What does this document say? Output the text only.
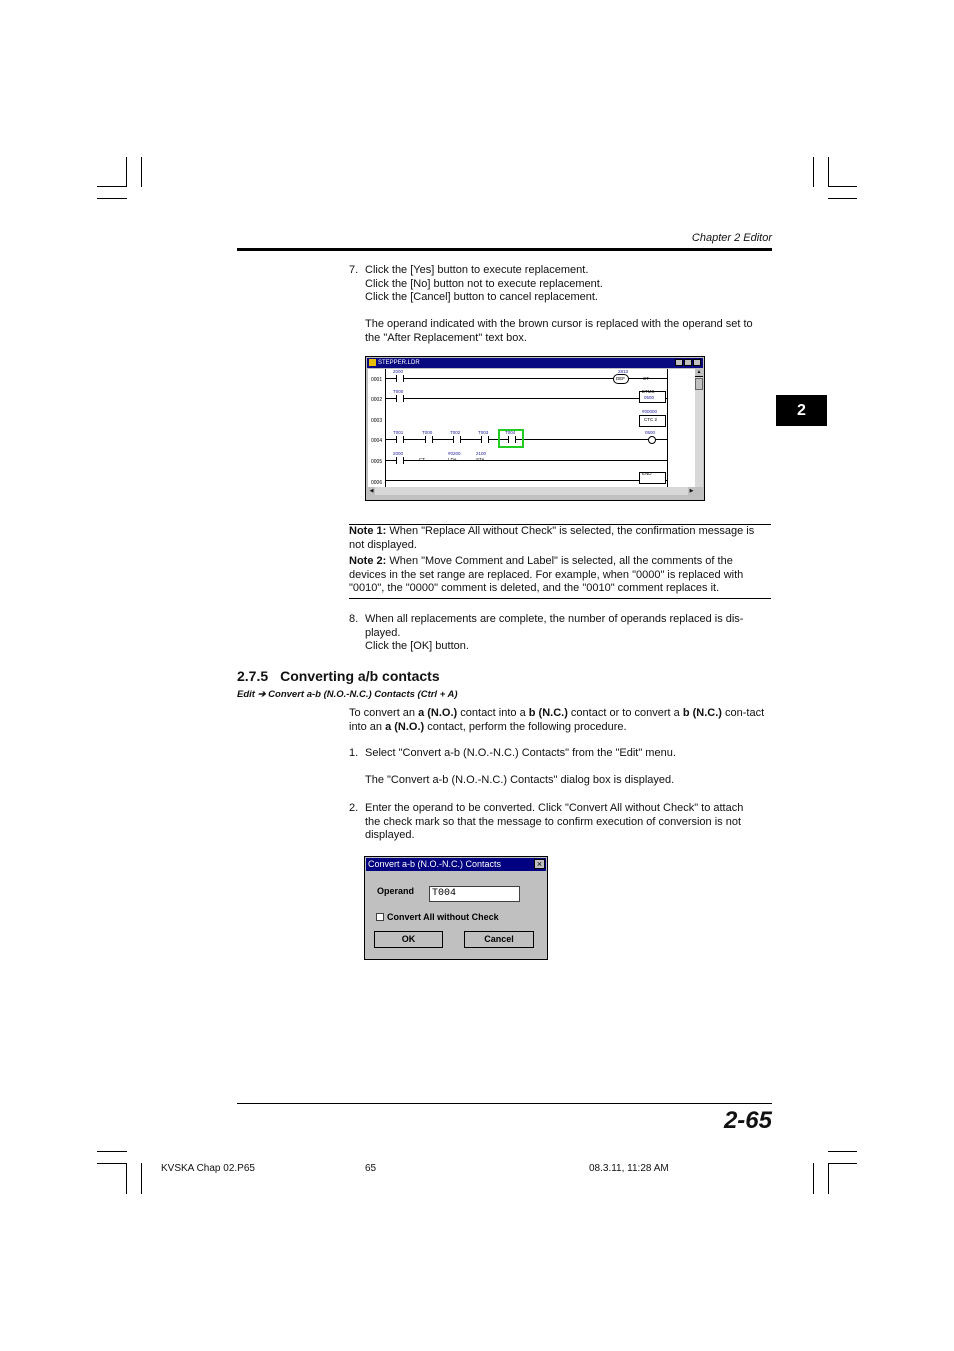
Chapter 2 Editor
2
7. Click the [Yes] button to execute replacement.

Click the [No] button not to execute replacement.

Click the [Cancel] button to cancel replacement.

The operand indicated with the brown cursor is replaced with the operand set to the "After Replacement" text box.

STEPPER.LDR
0001
2000	2813
DEF	CT
0002
T000	ETMS
0500
0003
#00000
CTC 2
0004
T001	T000	T002	T003	T004	0500
0005
2000
CT
#0200
LDA
2100
STA
0006
END
▲
◀	▶

Note 1: When "Replace All without Check" is selected, the confirmation message is not displayed.

Note 2: When "Move Comment and Label" is selected, all the comments of the devices in the set range are replaced. For example, when "0000" is replaced with "0010", the "0000" comment is deleted, and the "0010" comment replaces it.

8. When all replacements are complete, the number of operands replaced is dis-played.

Click the [OK] button.

2.7.5 Converting a/b contacts
Edit ➔ Convert a-b (N.O.-N.C.) Contacts (Ctrl + A)

To convert an a (N.O.) contact into a b (N.C.) contact or to convert a b (N.C.) con-tact into an a (N.O.) contact, perform the following procedure.

1. Select "Convert a-b (N.O.-N.C.) Contacts" from the "Edit" menu.

The "Convert a-b (N.O.-N.C.) Contacts" dialog box is displayed.

2. Enter the operand to be converted. Click "Convert All without Check" to attach the check mark so that the message to confirm execution of conversion is not displayed.

Convert a-b (N.O.-N.C.) Contacts	×
Operand	T004
Convert All without Check
OK	Cancel
2-65
KVSKA Chap 02.P65	65	08.3.11, 11:28 AM
